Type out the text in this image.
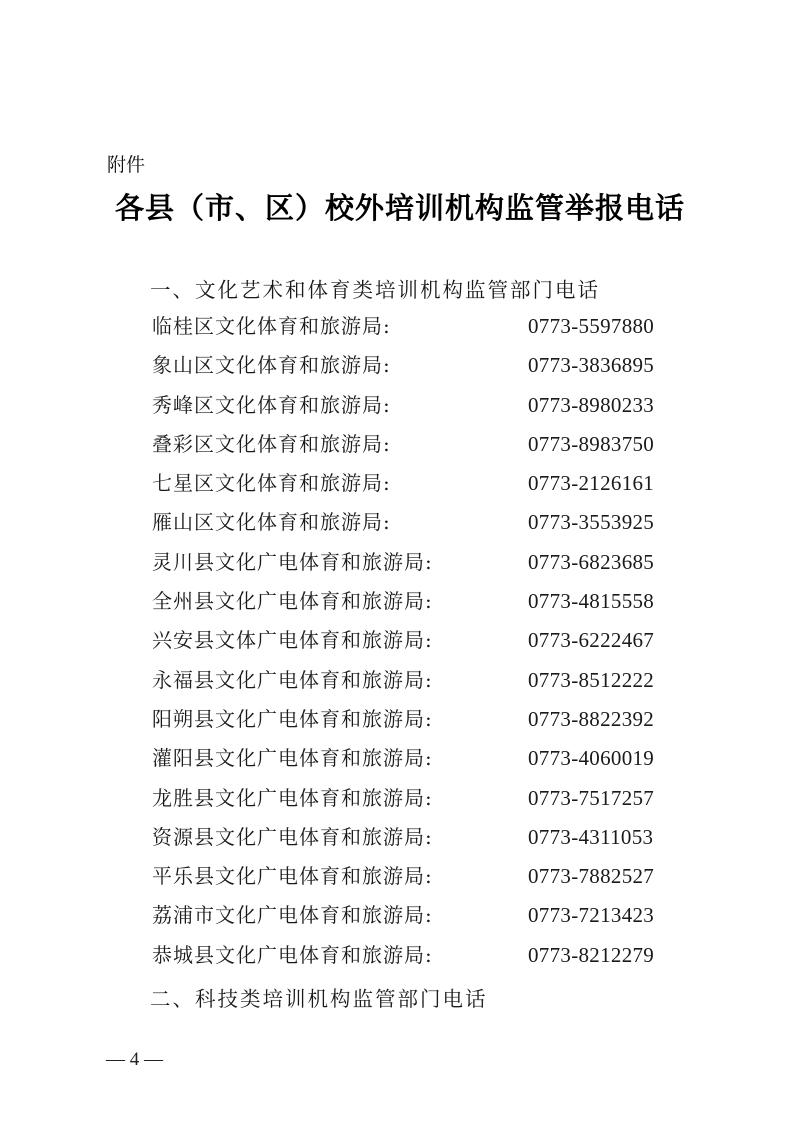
附件
各县（市、区）校外培训机构监管举报电话
一、文化艺术和体育类培训机构监管部门电话
临桂区文化体育和旅游局:	0773-5597880
象山区文化体育和旅游局:	0773-3836895
秀峰区文化体育和旅游局:	0773-8980233
叠彩区文化体育和旅游局:	0773-8983750
七星区文化体育和旅游局:	0773-2126161
雁山区文化体育和旅游局:	0773-3553925
灵川县文化广电体育和旅游局:	0773-6823685
全州县文化广电体育和旅游局:	0773-4815558
兴安县文体广电体育和旅游局:	0773-6222467
永福县文化广电体育和旅游局:	0773-8512222
阳朔县文化广电体育和旅游局:	0773-8822392
灌阳县文化广电体育和旅游局:	0773-4060019
龙胜县文化广电体育和旅游局:	0773-7517257
资源县文化广电体育和旅游局:	0773-4311053
平乐县文化广电体育和旅游局:	0773-7882527
荔浦市文化广电体育和旅游局:	0773-7213423
恭城县文化广电体育和旅游局:	0773-8212279
二、科技类培训机构监管部门电话
— 4 —
